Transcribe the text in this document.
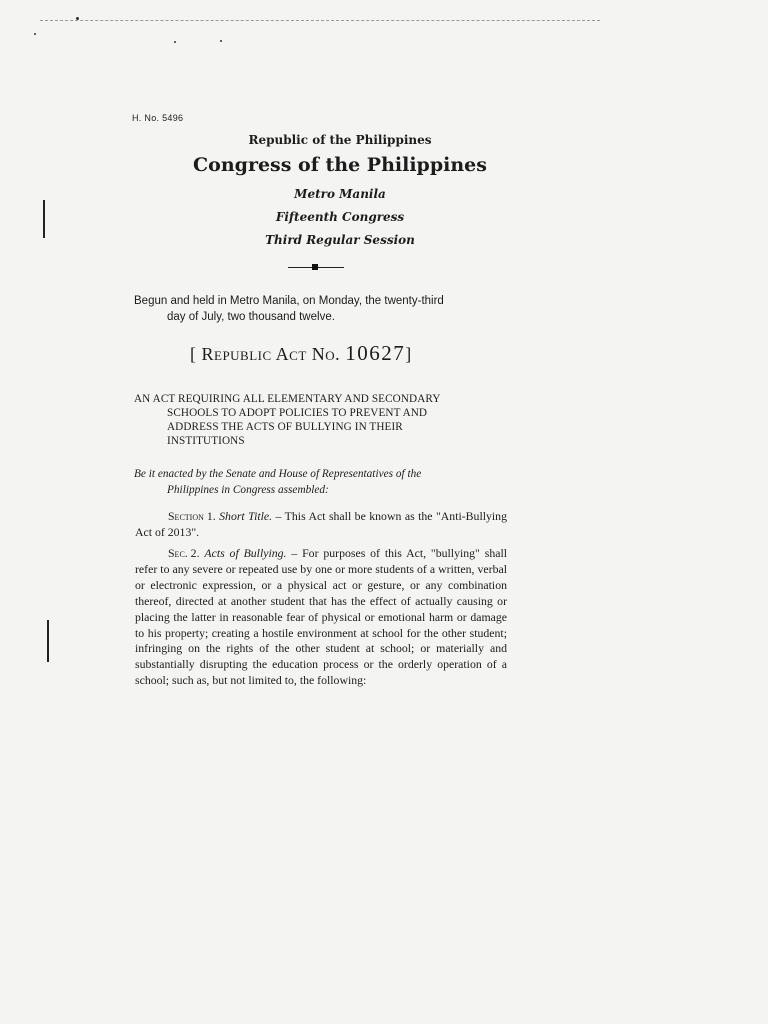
H. No. 5496
Republic of the Philippines
Congress of the Philippines
Metro Manila
Fifteenth Congress
Third Regular Session
Begun and held in Metro Manila, on Monday, the twenty-third
day of July, two thousand twelve.
[ Republic Act No. 10627]
AN ACT REQUIRING ALL ELEMENTARY AND SECONDARY
SCHOOLS TO ADOPT POLICIES TO PREVENT AND
ADDRESS THE ACTS OF BULLYING IN THEIR
INSTITUTIONS
Be it enacted by the Senate and House of Representatives of the
Philippines in Congress assembled:
Section 1. Short Title. – This Act shall be known as the "Anti-Bullying Act of 2013".
Sec. 2. Acts of Bullying. – For purposes of this Act, "bullying" shall refer to any severe or repeated use by one or more students of a written, verbal or electronic expression, or a physical act or gesture, or any combination thereof, directed at another student that has the effect of actually causing or placing the latter in reasonable fear of physical or emotional harm or damage to his property; creating a hostile environment at school for the other student; infringing on the rights of the other student at school; or materially and substantially disrupting the education process or the orderly operation of a school; such as, but not limited to, the following:
